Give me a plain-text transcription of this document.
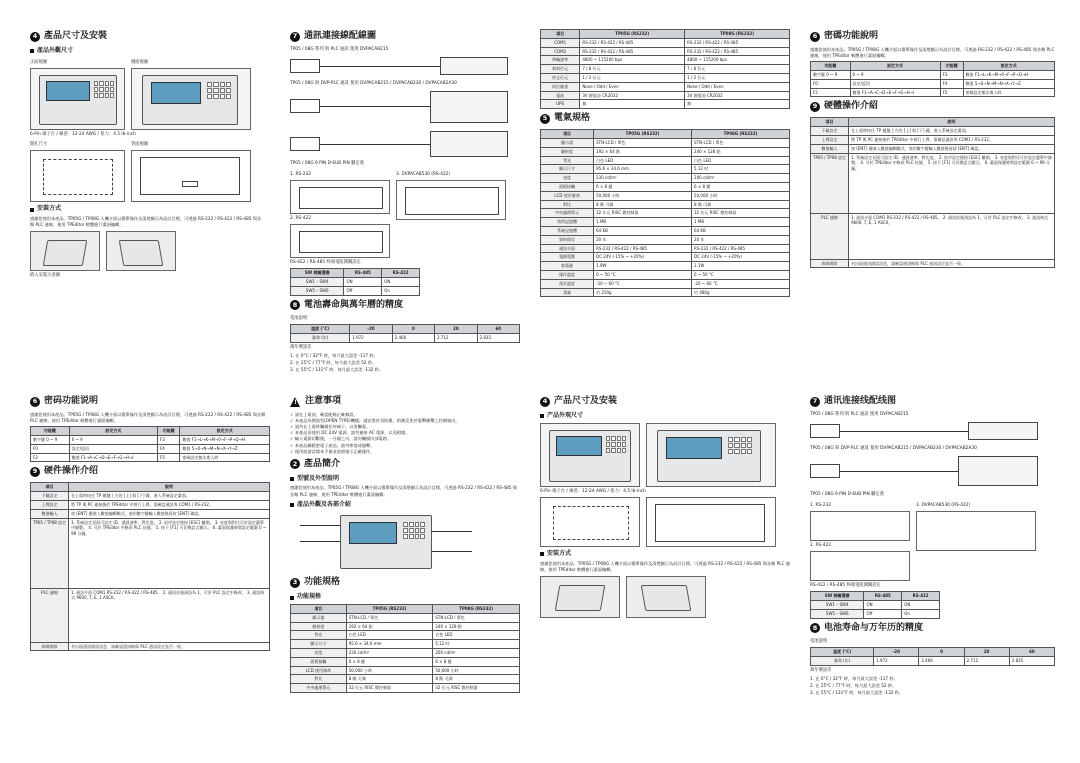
4 產品尺寸及安裝
產品外觀尺寸
正面視圖	側面視圖

6-Pin 端子台 / 線徑：12-24 AWG / 扭力：4.5 lb-inch

開孔尺寸	背面視圖
安裝方式

感謝您使用本產品。TP05G / TP08G 人機介面以簡單操作及清楚顯示為設計目標，可透過 RS-232 / RS-422 / RS-485 與各類 PLC 連線，使用 TPEditor 軟體進行畫面編輯。

嵌入安裝示意圖

7 通訊連接線配線圖

TP05 / 08G 系列 與 PLC 通訊 使用 DVPACAB215

TP05 / 08G 與 DVP-PLC 通訊 使用 DVPACAB215 / DVPACAB230 / DVPACAB2A30

TP05 / 08G 9 PIN D-SUB PIN 腳定義

1. RS-232

2. RS-422

3. DVPACAB530 (RS-422)

RS-422 / RS-485 終端電阻開關設定

SW 開關選擇	RS-485	RS-422
SW1 – SW4	ON	ON
SW5 – SW6	Off	On
8 電池壽命與萬年曆的精度

電池說明

溫度 (°C)	-20	0	20	60
壽命 (年)	1.972	2.466	2.712	2.835

萬年曆誤差

1. 在 0°C / 32°F 時，每月最大誤差 -117 秒。

2. 在 25°C / 77°F 時，每月最大誤差 52 秒。

3. 在 55°C / 131°F 時，每月最大誤差 -132 秒。

項目	TP05G (RS232)	TP08G (RS232)
COM1	RS-232 / RS-422 / RS-485	RS-232 / RS-422 / RS-485
COM2	RS-232 / RS-422 / RS-485	RS-232 / RS-422 / RS-485
傳輸速率	4800 ~ 115200 bps	4800 ~ 115200 bps
資料位元	7 / 8 位元	7 / 8 位元
停止位元	1 / 2 位元	1 / 2 位元
同位檢查	None / Odd / Even	None / Odd / Even
電池	3V 鋰電池 CR2032	3V 鋰電池 CR2032
UPS	無	無
5 電氣規格
項目	TP05G (RS232)	TP08G (RS232)
顯示器	STN-LCD / 單色	STN-LCD / 單色
解析度	192 × 64 點	240 × 128 點
背光	白色 LED	白色 LED
顯示尺寸	95.6 × 34.6 mm	5.12 吋
亮度	230 cd/m²	200 cd/m²
面板接觸	6 × 8 鍵	6 × 8 鍵
LCD 使用壽命	50,000 小時	50,000 小時
對比	8 階 可調	8 階 可調
中央處理單元	32 位元 RISC 微控制器	32 位元 RISC 微控制器
快閃記憶體	1 MB	1 MB
系統記憶體	64 KB	64 KB
資料保存	20 年	20 年
通訊介面	RS-232 / RS-422 / RS-485	RS-232 / RS-422 / RS-485
電源電壓	DC 24V (-15% ~ +20%)	DC 24V (-15% ~ +20%)
耗電量	1.9W	2.1W
操作溫度	0 ~ 50 °C	0 ~ 50 °C
保存溫度	-20 ~ 60 °C	-20 ~ 60 °C
重量	約 250g	約 480g
6 密碼功能說明

感謝您使用本產品。TP05G / TP08G 人機介面以簡單操作及清楚顯示為設計目標，可透過 RS-232 / RS-422 / RS-485 與各類 PLC 連線，使用 TPEditor 軟體進行畫面編輯。

功能鍵	設定方式	功能鍵	設定方式
數字鍵 0 ~ 9	0 ~ 9	F3	數值 F1→L→K→M→0→F→P→Q→H
F0	設定/返回	F4	數值 5→0→N→M→N→X→Y→Z
F2	數值 F1→A→C→D→E→F→G→H→I	F5	密碼設定無法進入時
9 硬體操作介紹
項目	說明
下載設定	在上電時按住 TP 鍵盤上方的 [上] 與 [下] 鍵，進入系統設定畫面。
上傳設定	將 TP 與 PC 連接後於 TPEditor 中執行上傳，需確認通訊埠 COM1 / RS-232。
數值輸入	按 [ENT] 鍵進入數值編輯模式，使用數字鍵輸入數值後再按 [ENT] 確認。
TP05 / TP08 設定	1. 系統設定頁面可設定 ID、通訊速率、對比度。 2. 依序設定後按 [ESC] 離開。 3. 亮度與對比可於設定選單中調整。 4. 可於 TPEditor 中修改 PLC 站號。 5. 按下 [F1] 可切換語言顯示。 6. 畫面保護時間設定範圍 0 ~ 99 分鐘。
PLC 連線	1. 通訊介面 COM1 RS-232 / RS-422 / RS-485。 2. 通訊站號預設為 1，可於 PLC 設定中修改。 3. 通訊格式 9600, 7, E, 1 ASCII。
故障排除	若出現通訊錯誤訊息，請確認通訊線與 PLC 通訊設定是否一致。
6 密码功能说明

感謝您使用本產品。TP05G / TP08G 人機介面以簡單操作及清楚顯示為設計目標，可透過 RS-232 / RS-422 / RS-485 與各類 PLC 連線，使用 TPEditor 軟體進行畫面編輯。

功能鍵	設定方式	功能鍵	設定方式
數字鍵 0 ~ 9	0 ~ 9	F3	數值 F1→L→K→M→0→F→P→Q→H
F0	設定/返回	F4	數值 5→0→N→M→N→X→Y→Z
F2	數值 F1→A→C→D→E→F→G→H→I	F5	密碼設定無法進入時
9 硬件操作介绍
項目	說明
下載設定	在上電時按住 TP 鍵盤上方的 [上] 與 [下] 鍵，進入系統設定畫面。
上傳設定	將 TP 與 PC 連接後於 TPEditor 中執行上傳，需確認通訊埠 COM1 / RS-232。
數值輸入	按 [ENT] 鍵進入數值編輯模式，使用數字鍵輸入數值後再按 [ENT] 確認。
TP05 / TP08 設定	1. 系統設定頁面可設定 ID、通訊速率、對比度。 2. 依序設定後按 [ESC] 離開。 3. 亮度與對比可於設定選單中調整。 4. 可於 TPEditor 中修改 PLC 站號。 5. 按下 [F1] 可切換語言顯示。 6. 畫面保護時間設定範圍 0 ~ 99 分鐘。
PLC 連線	1. 通訊介面 COM1 RS-232 / RS-422 / RS-485。 2. 通訊站號預設為 1，可於 PLC 設定中修改。 3. 通訊格式 9600, 7, E, 1 ASCII。
故障排除	若出現通訊錯誤訊息，請確認通訊線與 PLC 通訊設定是否一致。
! 注意事項
✓ 請在上電前，確認配線正確無誤。
✓ 本產品為開放型(OPEN TYPE)機種，請安裝於具防塵、防潮及免於電擊衝擊之控制箱內。
✓ 請勿在上電時觸摸任何端子，以免觸電。
✓ 本產品須使用 DC 24V 電源，請勿連接 AC 電源，以免損壞。
✓ 輸入電源切斷後，一分鐘之內，請勿觸摸內部電路。
✓ 本產品屬精密電子產品，請勿摔落或撞擊。
✓ 使用前請詳閱本手冊並依照指示正確操作。
2 產品簡介
型號及外型說明

感謝您使用本產品。TP05G / TP08G 人機介面以簡單操作及清楚顯示為設計目標，可透過 RS-232 / RS-422 / RS-485 與各類 PLC 連線，使用 TPEditor 軟體進行畫面編輯。

產品外觀及各部介紹
3 功能規格
功能規格
項目	TP05G (RS232)	TP08G (RS232)
顯示器	STN-LCD / 單色	STN-LCD / 單色
解析度	192 × 64 點	240 × 128 點
背光	白色 LED	白色 LED
顯示尺寸	95.6 × 34.6 mm	5.12 吋
亮度	230 cd/m²	200 cd/m²
面板接觸	6 × 8 鍵	6 × 8 鍵
LCD 使用壽命	50,000 小時	50,000 小時
對比	8 階 可調	8 階 可調
中央處理單元	32 位元 RISC 微控制器	32 位元 RISC 微控制器
4 产品尺寸及安装
产品外观尺寸

6-Pin 端子台 / 線徑：12-24 AWG / 扭力：4.5 lb-inch

安装方式

感謝您使用本產品。TP05G / TP08G 人機介面以簡單操作及清楚顯示為設計目標，可透過 RS-232 / RS-422 / RS-485 與各類 PLC 連線，使用 TPEditor 軟體進行畫面編輯。

7 通讯连接线配线图

TP05 / 08G 系列 與 PLC 通訊 使用 DVPACAB215

TP05 / 08G 與 DVP-PLC 通訊 使用 DVPACAB215 / DVPACAB230 / DVPACAB2A30

TP05 / 08G 9 PIN D-SUB PIN 腳定義

1. RS-232

2. RS-422

3. DVPACAB530 (RS-422)

RS-422 / RS-485 終端電阻開關設定

SW 開關選擇	RS-485	RS-422
SW1 – SW4	ON	ON
SW5 – SW6	Off	On
8 电池寿命与万年历的精度

電池說明

溫度 (°C)	-20	0	20	60
壽命 (年)	1.972	2.466	2.712	2.835

萬年曆誤差

1. 在 0°C / 32°F 時，每月最大誤差 -117 秒。

2. 在 25°C / 77°F 時，每月最大誤差 52 秒。

3. 在 55°C / 131°F 時，每月最大誤差 -132 秒。
